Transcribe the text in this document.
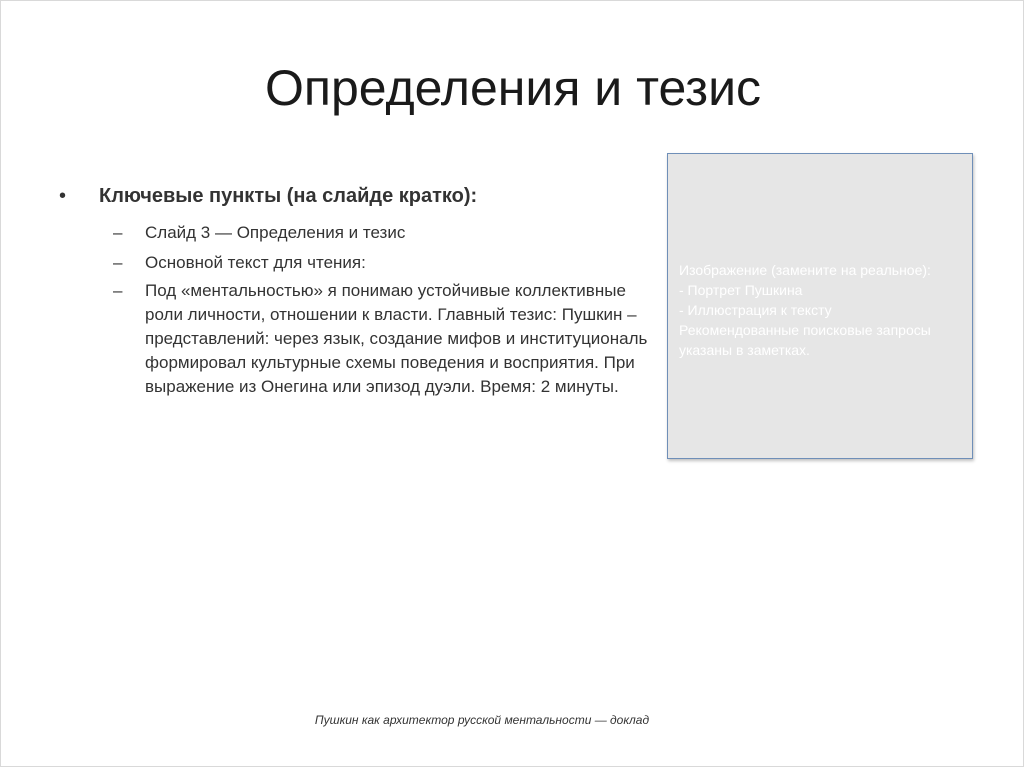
Определения и тезис
• Ключевые пункты (на слайде кратко):
– Слайд 3 — Определения и тезис
– Основной текст для чтения:
– Под «ментальностью» я понимаю устойчивые коллективные
роли личности, отношении к власти. Главный тезис: Пушкин –
представлений: через язык, создание мифов и институциональ
формировал культурные схемы поведения и восприятия. При
выражение из Онегина или эпизод дуэли. Время: 2 минуты.
Изображение (замените на реальное):
- Портрет Пушкина
- Иллюстрация к тексту
Рекомендованные поисковые запросы
указаны в заметках.
Пушкин как архитектор русской ментальности — доклад
